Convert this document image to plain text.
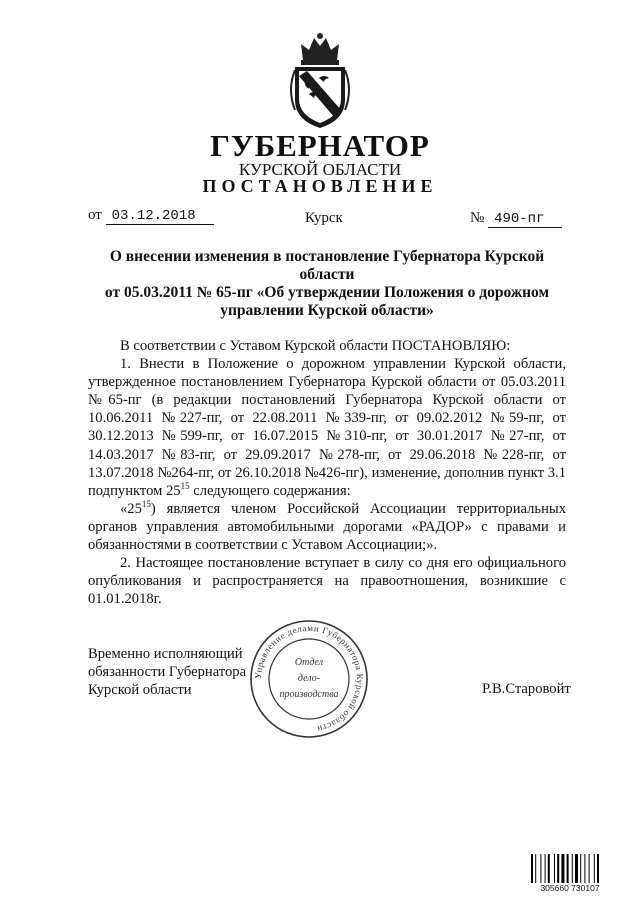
ГУБЕРНАТОР
КУРСКОЙ ОБЛАСТИ
ПОСТАНОВЛЕНИЕ
от 03.12.2018	Курск	№ 490-пг
О внесении изменения в постановление Губернатора Курской области
от 05.03.2011 № 65-пг «Об утверждении Положения о дорожном
управлении Курской области»

В соответствии с Уставом Курской области ПОСТАНОВЛЯЮ:

1. Внести в Положение о дорожном управлении Курской области, утвержденное постановлением Губернатора Курской области от 05.03.2011 №65-пг (в редакции постановлений Губернатора Курской области от 10.06.2011 №227-пг, от 22.08.2011 №339-пг, от 09.02.2012 №59-пг, от 30.12.2013 №599-пг, от 16.07.2015 №310-пг, от 30.01.2017 №27-пг, от 14.03.2017 №83-пг, от 29.09.2017 №278-пг, от 29.06.2018 №228-пг, от 13.07.2018 №264-пг, от 26.10.2018 №426-пг), изменение, дополнив пункт 3.1 подпунктом $25^{15}$ следующего содержания:

«$25^{15}$) является членом Российской Ассоциации территориальных органов управления автомобильными дорогами «РАДОР» с правами и обязанностями в соответствии с Уставом Ассоциации;».

2. Настоящее постановление вступает в силу со дня его официального опубликования и распространяется на правоотношения, возникшие с 01.01.2018г.

Временно исполняющий
обязанности Губернатора
Курской области	Р.В.Старовойт
Управление делами Губернатора Курской области
Отдел
дело-
производства
305660 730107
